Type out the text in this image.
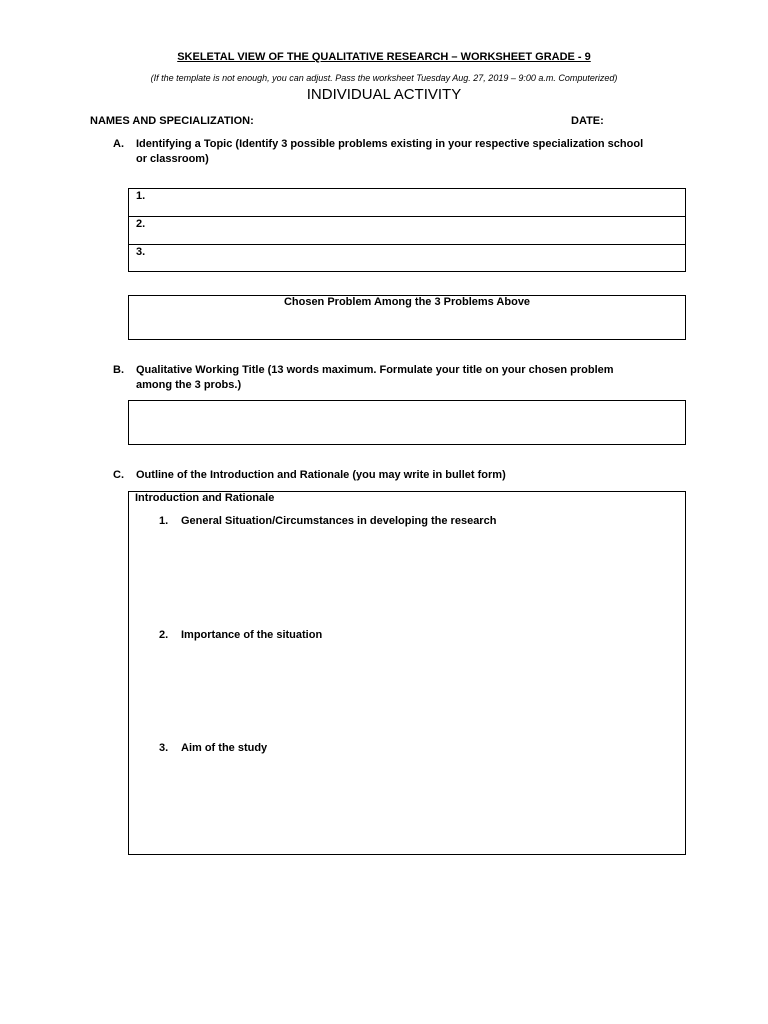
SKELETAL VIEW OF THE QUALITATIVE RESEARCH – WORKSHEET GRADE - 9
(If the template is not enough, you can adjust. Pass the worksheet Tuesday Aug. 27, 2019 – 9:00 a.m. Computerized)
INDIVIDUAL ACTIVITY
NAMES AND SPECIALIZATION:	DATE:
A. Identifying a Topic (Identify 3 possible problems existing in your respective specialization school
or classroom)
1.
2.
3.
Chosen Problem Among the 3 Problems Above
B. Qualitative Working Title (13 words maximum. Formulate your title on your chosen problem
among the 3 probs.)
C. Outline of the Introduction and Rationale (you may write in bullet form)
Introduction and Rationale
1. General Situation/Circumstances in developing the research
2. Importance of the situation
3. Aim of the study
